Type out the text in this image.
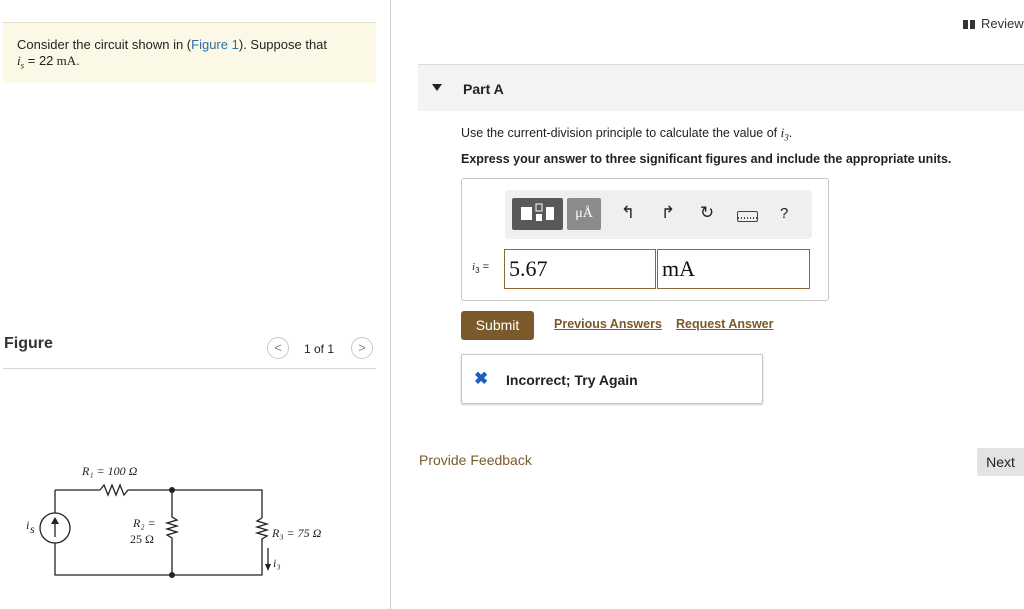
Consider the circuit shown in (Figure 1). Suppose that
$i_s = 22$ mA.
Figure	<	1 of 1	>
R₁ = 100 Ω
R₂ =
25 Ω	R₃ = 75 Ω
i s
i₃
Review
Part A
Use the current-division principle to calculate the value of $i_3$.
Express your answer to three significant figures and include the appropriate units.
μÅ	↰ ↱ ↻	?
$i_3 = 5.67$	mA
Submit	Previous Answers Request Answer
✖ Incorrect; Try Again
Provide Feedback	Next
